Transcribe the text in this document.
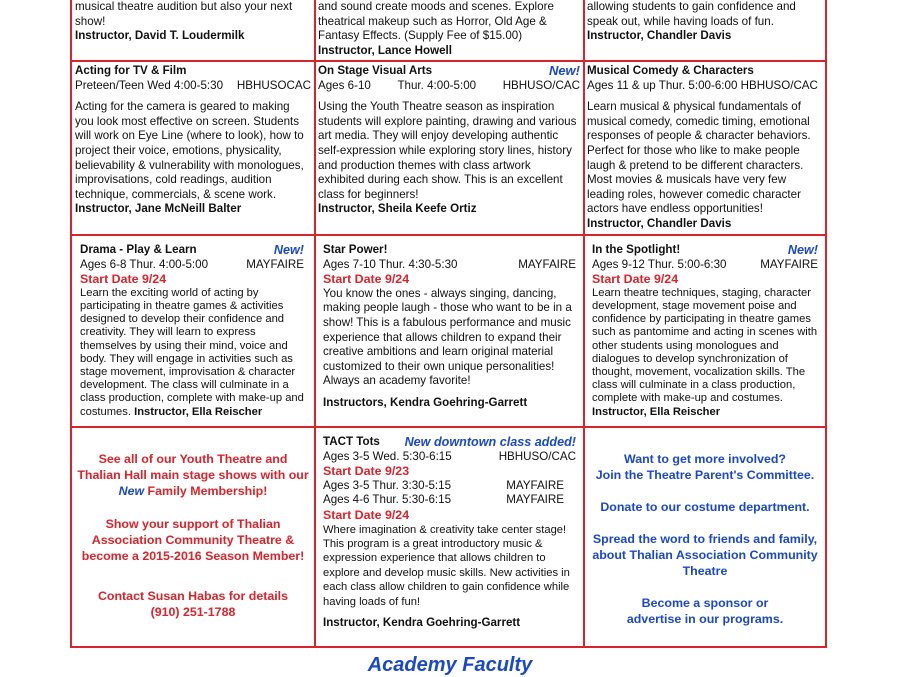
musical theatre audition but also your next

show!

Instructor, David T. Loudermilk

and sound create moods and scenes. Explore

theatrical makeup such as Horror, Old Age &

Fantasy Effects. (Supply Fee of $15.00)

Instructor, Lance Howell

allowing students to gain confidence and

speak out, while having loads of fun.

Instructor, Chandler Davis

Acting for TV & Film

Preteen/Teen Wed 4:00-5:30 HBHUSOCAC

Acting for the camera is geared to making you look most effective on screen. Students will work on Eye Line (where to look), how to project their voice, emotions, physicality, believability & vulnerability with monologues, improvisations, cold readings, audition technique, commercials, & scene work.

Instructor, Jane McNeill Balter

On Stage Visual Arts	New!
Ages 6-10 Thur. 4:00-5:00 HBHUSO/CAC

Using the Youth Theatre season as inspiration students will explore painting, drawing and various art media. They will enjoy developing authentic self-expression while exploring story lines, history and production themes with class artwork exhibited during each show. This is an excellent class for beginners!

Instructor, Sheila Keefe Ortiz

Musical Comedy & Characters

Ages 11 & up Thur. 5:00-6:00 HBHUSO/CAC

Learn musical & physical fundamentals of musical comedy, comedic timing, emotional responses of people & character behaviors. Perfect for those who like to make people laugh & pretend to be different characters. Most movies & musicals have very few leading roles, however comedic character actors have endless opportunities!

Instructor, Chandler Davis

Drama - Play & Learn	New!
Ages 6-8 Thur. 4:00-5:00	MAYFAIRE

Start Date 9/24

Learn the exciting world of acting by participating in theatre games & activities designed to develop their confidence and creativity. They will learn to express themselves by using their mind, voice and body. They will engage in activities such as stage movement, improvisation & character development. The class will culminate in a class production, complete with make-up and costumes. Instructor, Ella Reischer

Star Power!

Ages 7-10 Thur. 4:30-5:30	MAYFAIRE

Start Date 9/24

You know the ones - always singing, dancing, making people laugh - those who want to be in a show! This is a fabulous performance and music experience that allows children to expand their creative ambitions and learn original material customized to their own unique personalities! Always an academy favorite!

Instructors, Kendra Goehring-Garrett

In the Spotlight!	New!
Ages 9-12 Thur. 5:00-6:30	MAYFAIRE

Start Date 9/24

Learn theatre techniques, staging, character development, stage movement poise and confidence by participating in theatre games such as pantomime and acting in scenes with other students using monologues and dialogues to develop synchronization of thought, movement, vocalization skills. The class will culminate in a class production, complete with make-up and costumes.

Instructor, Ella Reischer

See all of our Youth Theatre and

Thalian Hall main stage shows with our

New Family Membership!

Show your support of Thalian

Association Community Theatre &

become a 2015-2016 Season Member!

Contact Susan Habas for details

(910) 251-1788

TACT Tots New downtown class added!
Ages 3-5 Wed. 5:30-6:15	HBHUSO/CAC

Start Date 9/23

Ages 3-5 Thur. 3:30-5:15	MAYFAIRE
Ages 4-6 Thur. 5:30-6:15	MAYFAIRE

Start Date 9/24

Where imagination & creativity take center stage! This program is a great introductory music & expression experience that allows children to explore and develop music skills. New activities in each class allow children to gain confidence while having loads of fun!

Instructor, Kendra Goehring-Garrett

Want to get more involved?

Join the Theatre Parent's Committee.

Donate to our costume department.

Spread the word to friends and family,

about Thalian Association Community

Theatre

Become a sponsor or

advertise in our programs.

Academy Faculty
